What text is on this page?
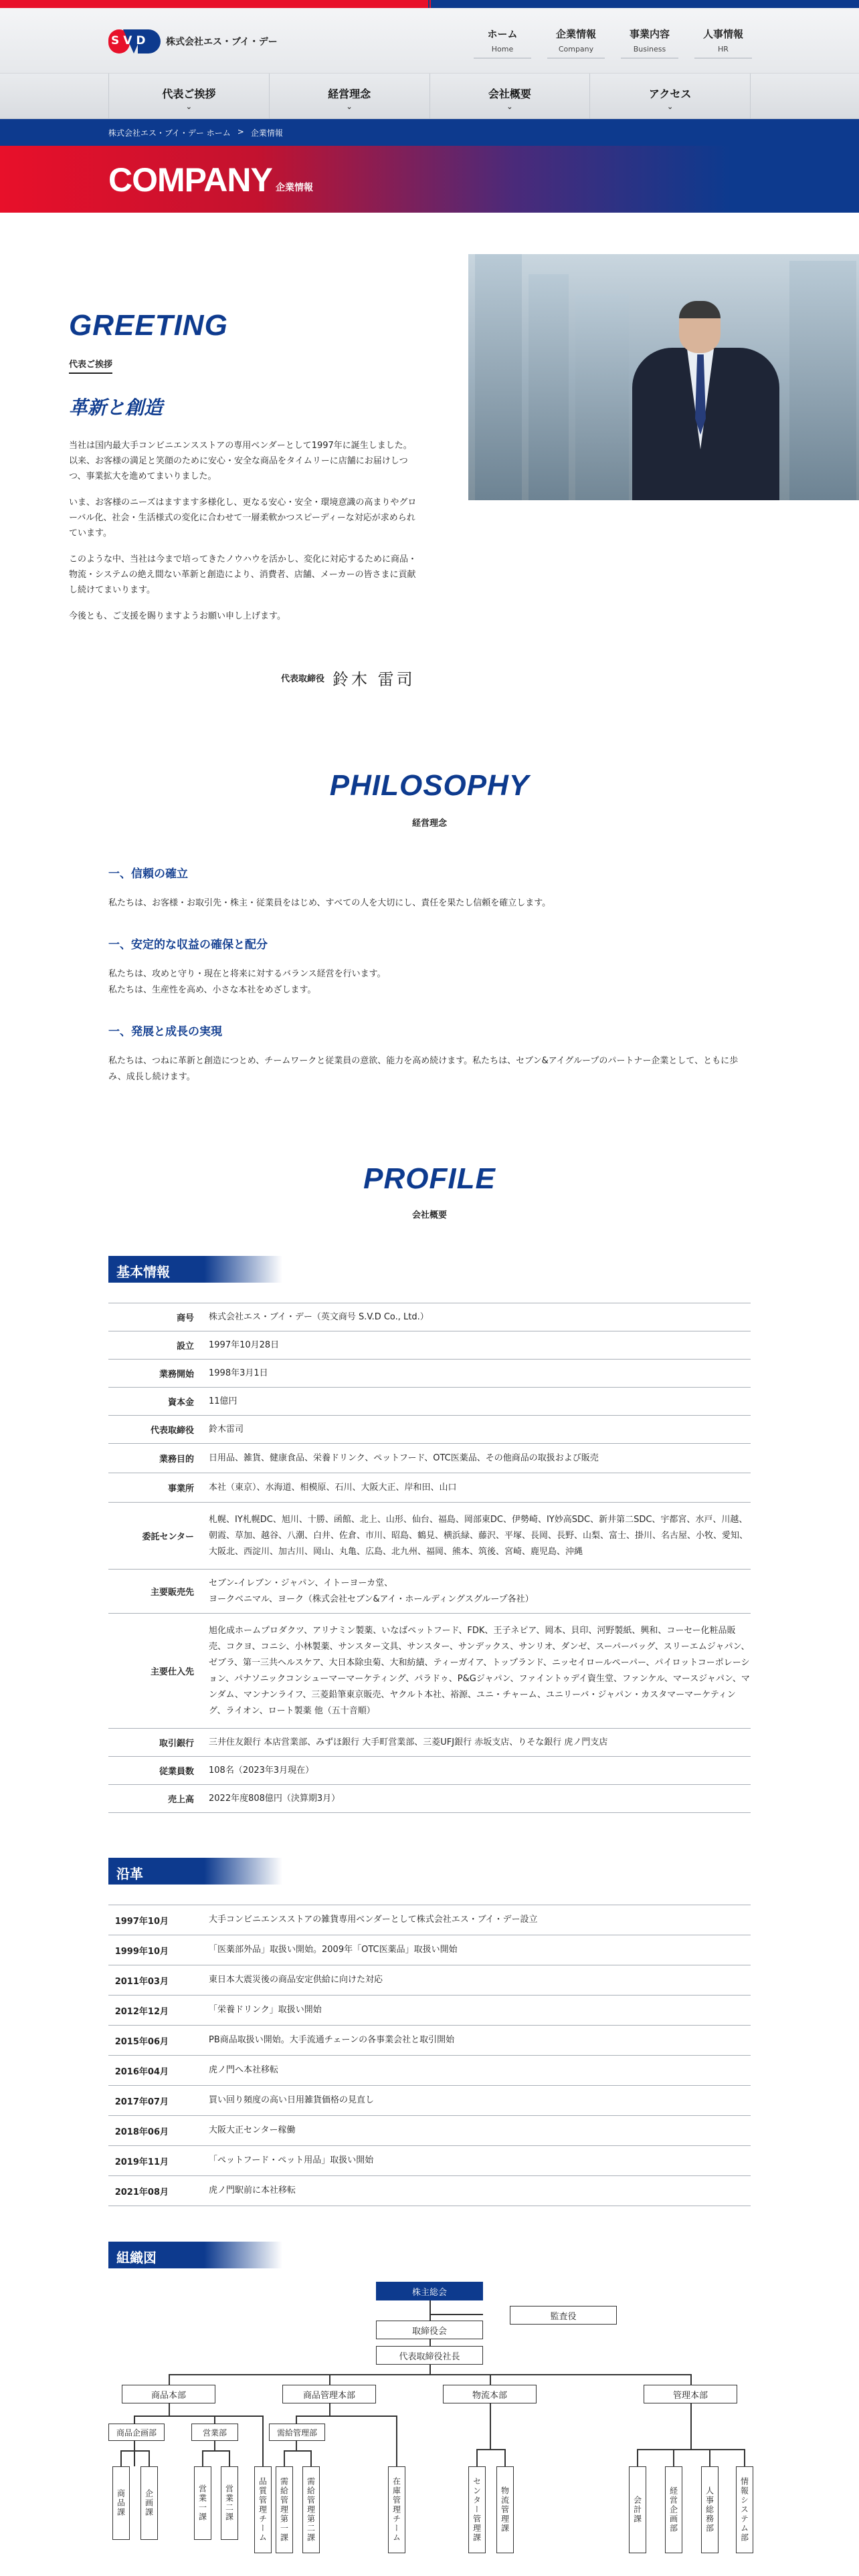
SVD 株式会社エス・ブイ・デー
ホーム
Home
企業情報
Company
事業内容
Business
人事情報
HR
代表ご挨拶
⌄
経営理念
⌄
会社概要
⌄
アクセス
⌄
株式会社エス・ブイ・デー ホーム > 企業情報
COMPANY 企業情報
GREETING
代表ご挨拶
革新と創造

当社は国内最大手コンビニエンスストアの専用ベンダーとして1997年に誕生しました。
以来、お客様の満足と笑顔のために安心・安全な商品をタイムリーに店舗にお届けしつつ、事業拡大を進めてまいりました。

いま、お客様のニーズはますます多様化し、更なる安心・安全・環境意識の高まりやグローバル化、社会・生活様式の変化に合わせて一層柔軟かつスピーディーな対応が求められています。

このような中、当社は今まで培ってきたノウハウを活かし、変化に対応するために商品・物流・システムの絶え間ない革新と創造により、消費者、店舗、メーカーの皆さまに貢献し続けてまいります。

今後とも、ご支援を賜りますようお願い申し上げます。

代表取締役 鈴木 雷司
PHILOSOPHY
経営理念
一、信頼の確立

私たちは、お客様・お取引先・株主・従業員をはじめ、すべての人を大切にし、責任を果たし信頼を確立します。

一、安定的な収益の確保と配分

私たちは、攻めと守り・現在と将来に対するバランス経営を行います。
私たちは、生産性を高め、小さな本社をめざします。

一、発展と成長の実現

私たちは、つねに革新と創造につとめ、チームワークと従業員の意欲、能力を高め続けます。私たちは、セブン&アイグループのパートナー企業として、ともに歩み、成長し続けます。

PROFILE
会社概要
基本情報
商号	株式会社エス・ブイ・デー（英文商号 S.V.D Co., Ltd.）
設立	1997年10月28日
業務開始	1998年3月1日
資本金	11億円
代表取締役	鈴木雷司
業務目的	日用品、雑貨、健康食品、栄養ドリンク、ペットフード、OTC医薬品、その他商品の取扱および販売
事業所	本社（東京）、水海道、相模原、石川、大阪大正、岸和田、山口
委託センター	札幌、IY札幌DC、旭川、十勝、函館、北上、山形、仙台、福島、岡部東DC、伊勢崎、IY妙高SDC、新井第二SDC、宇都宮、水戸、川越、朝霞、草加、越谷、八潮、白井、佐倉、市川、昭島、鶴見、横浜緑、藤沢、平塚、長岡、長野、山梨、富士、掛川、名古屋、小牧、愛知、大阪北、西淀川、加古川、岡山、丸亀、広島、北九州、福岡、熊本、筑後、宮崎、鹿児島、沖縄
主要販売先	セブン-イレブン・ジャパン、イトーヨーカ堂、
ヨークベニマル、ヨーク（株式会社セブン&アイ・ホールディングスグループ各社）
主要仕入先	旭化成ホームプロダクツ、アリナミン製薬、いなばペットフード、FDK、王子ネピア、岡本、貝印、河野製紙、興和、コーセー化粧品販売、コクヨ、コニシ、小林製薬、サンスター文具、サンスター、サンデックス、サンリオ、ダンゼ、スーパーバッグ、スリーエムジャパン、ゼブラ、第一三共ヘルスケア、大日本除虫菊、大和紡績、ティーガイア、トップランド、ニッセイロールペーパー、パイロットコーポレーション、パナソニックコンシューマーマーケティング、パラドゥ、P&Gジャパン、ファイントゥデイ資生堂、ファンケル、マースジャパン、マンダム、マンナンライフ、三菱鉛筆東京販売、ヤクルト本社、裕源、ユニ・チャーム、ユニリーバ・ジャパン・カスタマーマーケティング、ライオン、ロート製薬 他（五十音順）
取引銀行	三井住友銀行 本店営業部、みずほ銀行 大手町営業部、三菱UFJ銀行 赤坂支店、りそな銀行 虎ノ門支店
従業員数	108名（2023年3月現在）
売上高	2022年度808億円（決算期3月）
沿革
1997年10月	大手コンビニエンスストアの雑貨専用ベンダーとして株式会社エス・ブイ・デー設立
1999年10月	「医薬部外品」取扱い開始。2009年「OTC医薬品」取扱い開始
2011年03月	東日本大震災後の商品安定供給に向けた対応
2012年12月	「栄養ドリンク」取扱い開始
2015年06月	PB商品取扱い開始。大手流通チェーンの各事業会社と取引開始
2016年04月	虎ノ門へ本社移転
2017年07月	買い回り頻度の高い日用雑貨価格の見直し
2018年06月	大阪大正センター稼働
2019年11月	「ペットフード・ペット用品」取扱い開始
2021年08月	虎ノ門駅前に本社移転
組織図
株主総会
監査役
取締役会
代表取締役社長
商品本部	商品管理本部	物流本部	管理本部
商品企画部	営業部	需給管理部
商品課	企画課	営業一課	営業二課	品質管理チーム	需給管理第一課	需給管理第二課	在庫管理チーム	センター管理課	物流管理課	会計課	経営企画部	人事総務部	情報システム部
